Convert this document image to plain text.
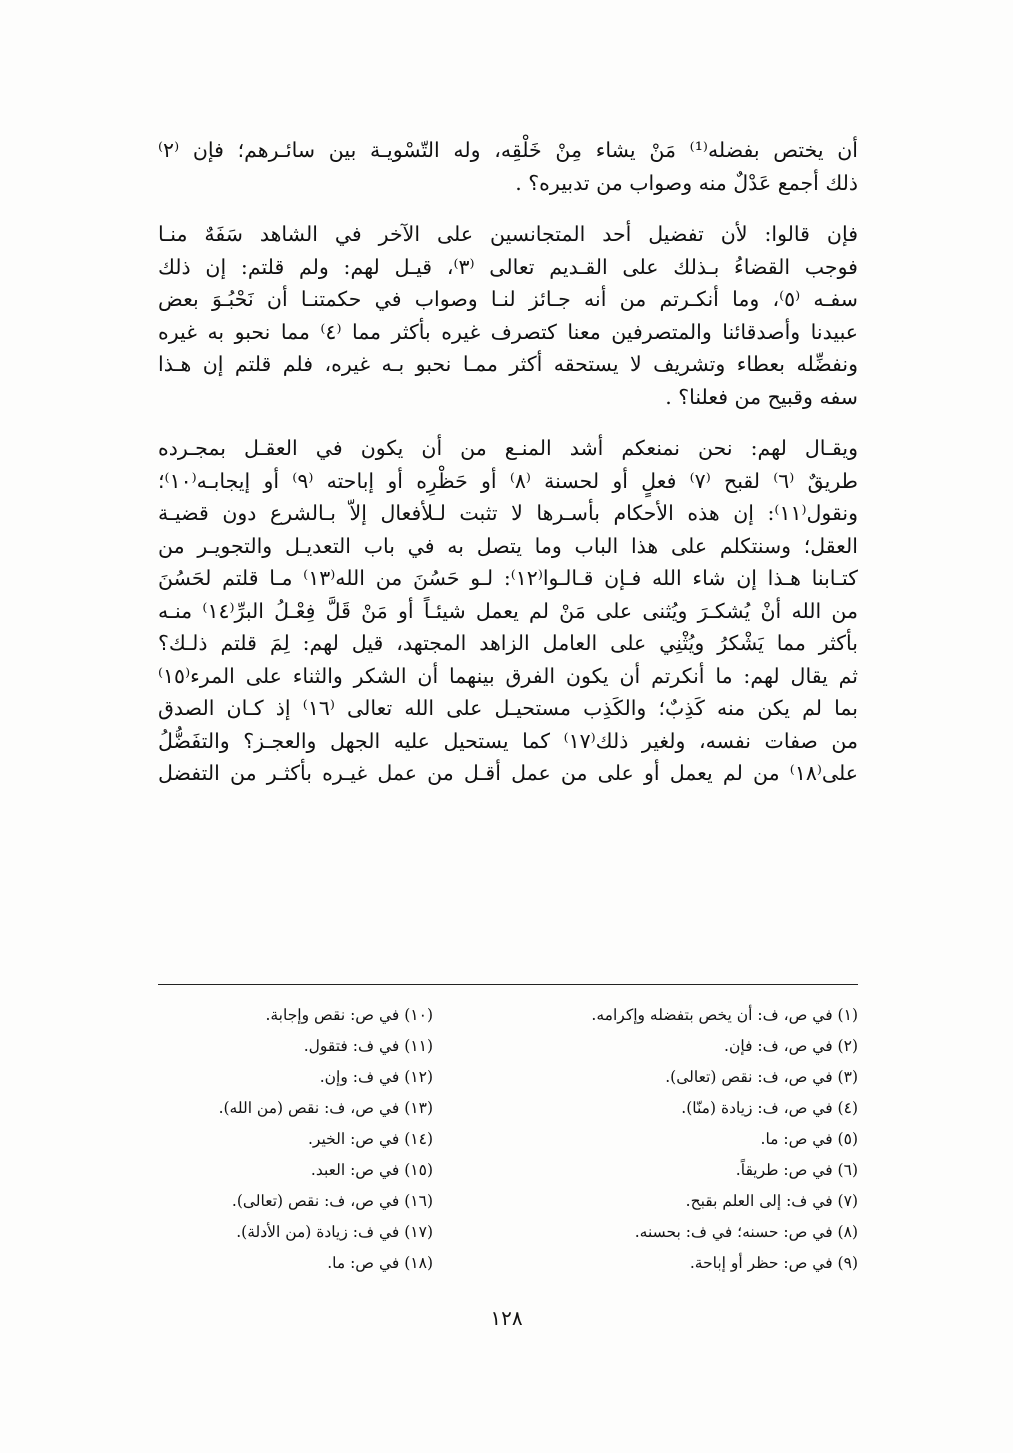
أن يختص بفضله⁽¹⁾ مَنْ يشاء مِنْ خَلْقِه، وله التّسْويـة بين سائـرهم؛ فإن ⁽٢⁾
ذلك أجمع عَدْلٌ منه وصواب من تدبيره؟ .
فإن قالوا: لأن تفضيل أحد المتجانسين على الآخر في الشاهد سَفَهٌ منـا
فوجب القضاءُ بـذلك على القـديم تعالى ⁽٣⁾، قيـل لهم: ولم قلتم: إن ذلك
سفـه ⁽٥⁾، وما أنكـرتم من أنه جـائز لنـا وصواب في حكمتنـا أن نَحْبُـوَ بعض
عبيدنا وأصدقائنا والمتصرفين معنا كتصرف غيره بأكثر مما ⁽٤⁾ مما نحبو به غيره
ونفضِّله بعطاء وتشريف لا يستحقه أكثر ممـا نحبو بـه غيره، فلم قلتم إن هـذا
سفه وقبيح من فعلنا؟ .
ويقـال لهم: نحن نمنعكم أشد المنـع من أن يكون في العقـل بمجـرده
طريقٌ ⁽٦⁾ لقبح ⁽٧⁾ فعلٍ أو لحسنة ⁽٨⁾ أو حَظْرِه أو إباحته ⁽٩⁾ أو إيجابـه⁽١٠⁾؛
ونقول⁽١١⁾: إن هذه الأحكام بأسـرها لا تثبت لـلأفعال إلاّ بـالشرع دون قضيـة
العقل؛ وسنتكلم على هذا الباب وما يتصل به في باب التعديـل والتجويـر من
كتـابنا هـذا إن شاء الله فـإن قـالـوا⁽١٢⁾: لـو حَسُنَ من الله⁽١٣⁾ مـا قلتم لحَسُنَ
من الله أنْ يُشكـرَ ويُثنى على مَنْ لم يعمل شيئـاً أو مَنْ قَلَّ فِعْـلُ البرِّ⁽١٤⁾ منـه
بأكثر مما يَشْكرُ ويُثْنِي على العامل الزاهد المجتهد، قيل لهم: لِمَ قلتم ذلـك؟
ثم يقال لهم: ما أنكرتم أن يكون الفرق بينهما أن الشكر والثناء على المرء⁽١٥⁾
بما لم يكن منه كَذِبٌ؛ والكَذِب مستحيـل على الله تعالى ⁽١٦⁾ إذ كـان الصدق
من صفات نفسه، ولغير ذلك⁽١٧⁾ كما يستحيل عليه الجهل والعجـز؟ والتفَضُّلُ
على⁽١٨⁾ من لم يعمل أو على من عمل أقـل من عمل غيـره بأكثـر من التفضل
(١) في ص، ف: أن يخص بتفضله وإكرامه.
(٢) في ص، ف: فإن.
(٣) في ص، ف: نقص (تعالى).
(٤) في ص، ف: زيادة (منّا).
(٥) في ص: ما.
(٦) في ص: طريقاً.
(٧) في ف: إلى العلم بقبح.
(٨) في ص: حسنه؛ في ف: بحسنه.
(٩) في ص: حظر أو إباحة.
(١٠) في ص: نقص وإجابة.
(١١) في ف: فتقول.
(١٢) في ف: وإن.
(١٣) في ص، ف: نقص (من الله).
(١٤) في ص: الخير.
(١٥) في ص: العبد.
(١٦) في ص، ف: نقص (تعالى).
(١٧) في ف: زيادة (من الأدلة).
(١٨) في ص: ما.
١٢٨
